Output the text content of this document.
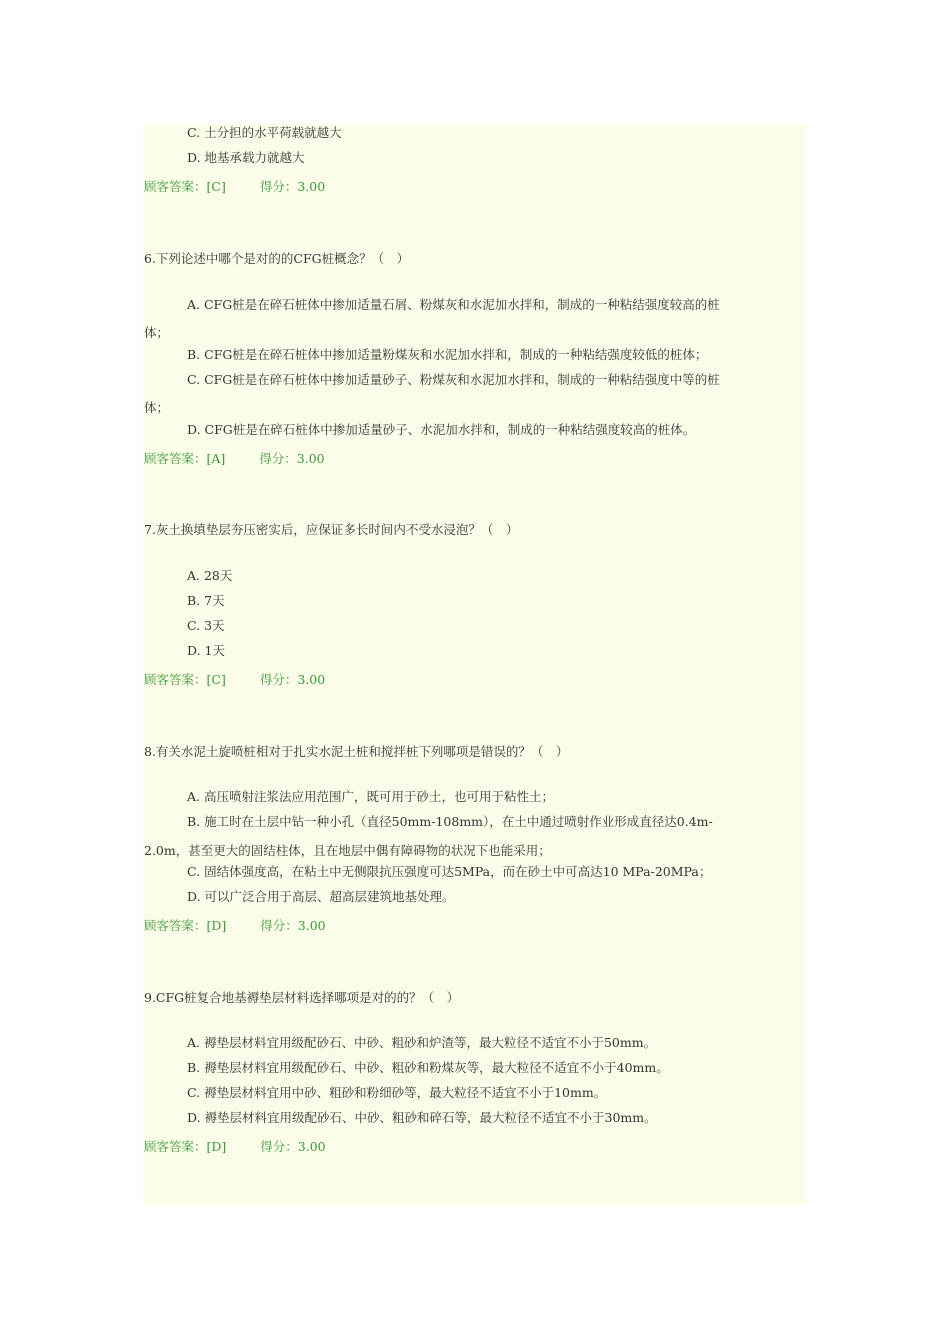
C. 土分担的水平荷载就越大
D. 地基承载力就越大
顾客答案：[C]	得分：3.00
6.下列论述中哪个是对的的CFG桩概念？（　）
A. CFG桩是在碎石桩体中掺加适量石屑、粉煤灰和水泥加水拌和，制成的一种粘结强度较高的桩
体；
B. CFG桩是在碎石桩体中掺加适量粉煤灰和水泥加水拌和，制成的一种粘结强度较低的桩体；
C. CFG桩是在碎石桩体中掺加适量砂子、粉煤灰和水泥加水拌和，制成的一种粘结强度中等的桩
体；
D. CFG桩是在碎石桩体中掺加适量砂子、水泥加水拌和，制成的一种粘结强度较高的桩体。
顾客答案：[A]	得分：3.00
7.灰土换填垫层夯压密实后，应保证多长时间内不受水浸泡？（　）
A. 28天
B. 7天
C. 3天
D. 1天
顾客答案：[C]	得分：3.00
8.有关水泥土旋喷桩相对于扎实水泥土桩和搅拌桩下列哪项是错误的？（　）
A. 高压喷射注浆法应用范围广，既可用于砂土，也可用于粘性土；
B. 施工时在土层中钻一种小孔（直径50mm-108mm），在土中通过喷射作业形成直径达0.4m-
2.0m，甚至更大的固结柱体，且在地层中偶有障碍物的状况下也能采用；
C. 固结体强度高，在粘土中无侧限抗压强度可达5MPa，而在砂土中可高达10 MPa-20MPa；
D. 可以广泛合用于高层、超高层建筑地基处理。
顾客答案：[D]	得分：3.00
9.CFG桩复合地基褥垫层材料选择哪项是对的的？（　）
A. 褥垫层材料宜用级配砂石、中砂、粗砂和炉渣等，最大粒径不适宜不小于50mm。
B. 褥垫层材料宜用级配砂石、中砂、粗砂和粉煤灰等，最大粒径不适宜不小于40mm。
C. 褥垫层材料宜用中砂、粗砂和粉细砂等，最大粒径不适宜不小于10mm。
D. 褥垫层材料宜用级配砂石、中砂、粗砂和碎石等，最大粒径不适宜不小于30mm。
顾客答案：[D]	得分：3.00
